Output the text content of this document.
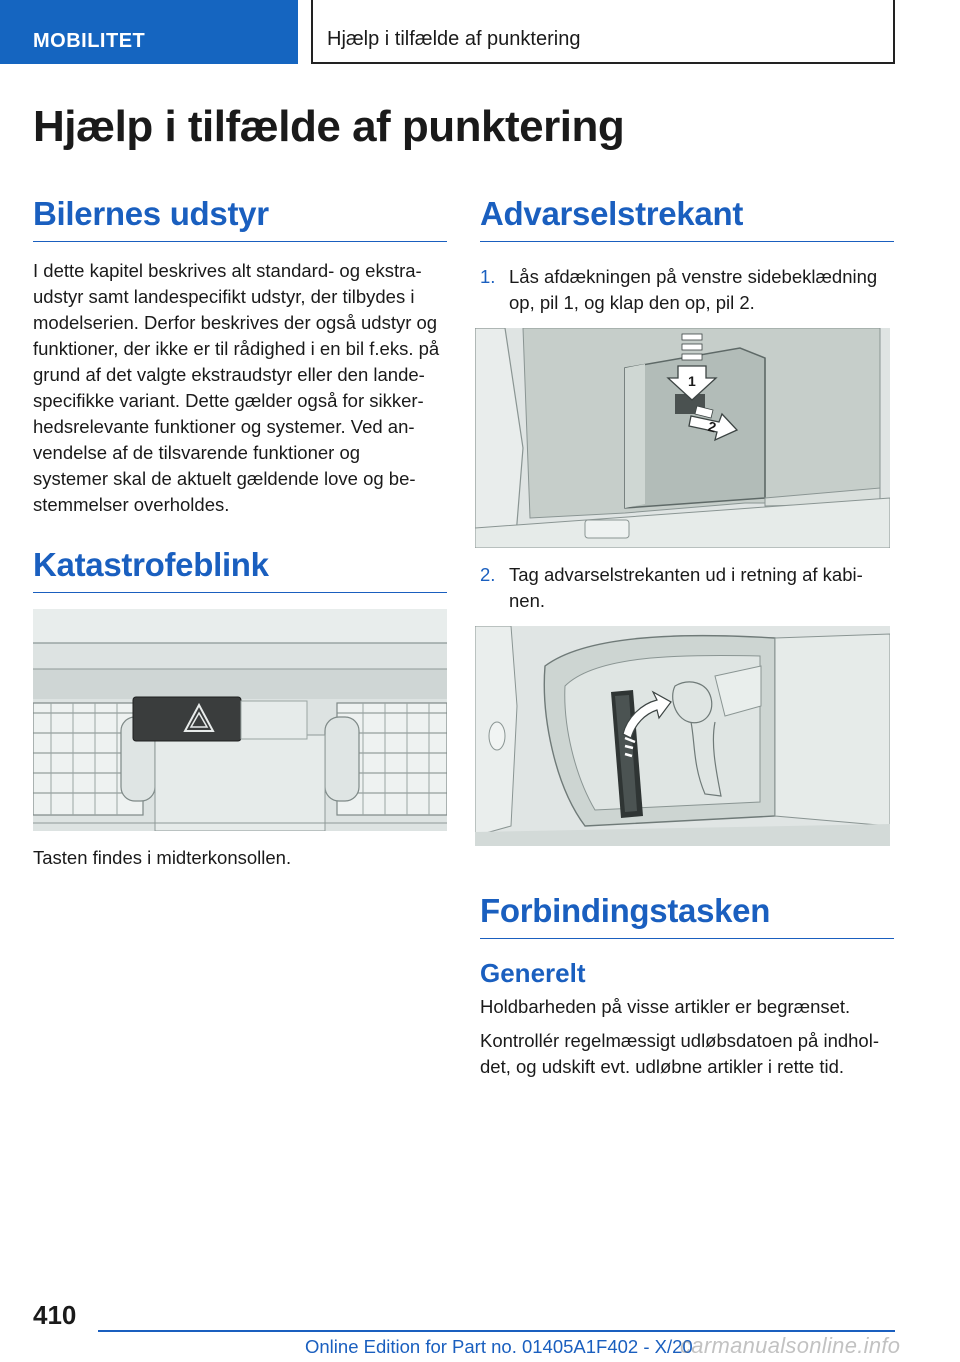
MOBILITET	Hjælp i tilfælde af punktering
Hjælp i tilfælde af punktering
Bilernes udstyr
I dette kapitel beskrives alt standard- og ekstra-
udstyr samt landespecifikt udstyr, der tilbydes i
modelserien. Derfor beskrives der også udstyr og
funktioner, der ikke er til rådighed i en bil f.eks. på
grund af det valgte ekstraudstyr eller den lande-
specifikke variant. Dette gælder også for sikker-
hedsrelevante funktioner og systemer. Ved an-
vendelse af de tilsvarende funktioner og
systemer skal de aktuelt gældende love og be-
stemmelser overholdes.
Katastrofeblink
Tasten findes i midterkonsollen.
Advarselstrekant
1. Lås afdækningen på venstre sidebeklædning
op, pil 1, og klap den op, pil 2.
1
2
2. Tag advarselstrekanten ud i retning af kabi-
nen.
Forbindingstasken
Generelt
Holdbarheden på visse artikler er begrænset.
Kontrollér regelmæssigt udløbsdatoen på indhol-
det, og udskift evt. udløbne artikler i rette tid.
410
Online Edition for Part no. 01405A1F402 - X/20
carmanualsonline.info
